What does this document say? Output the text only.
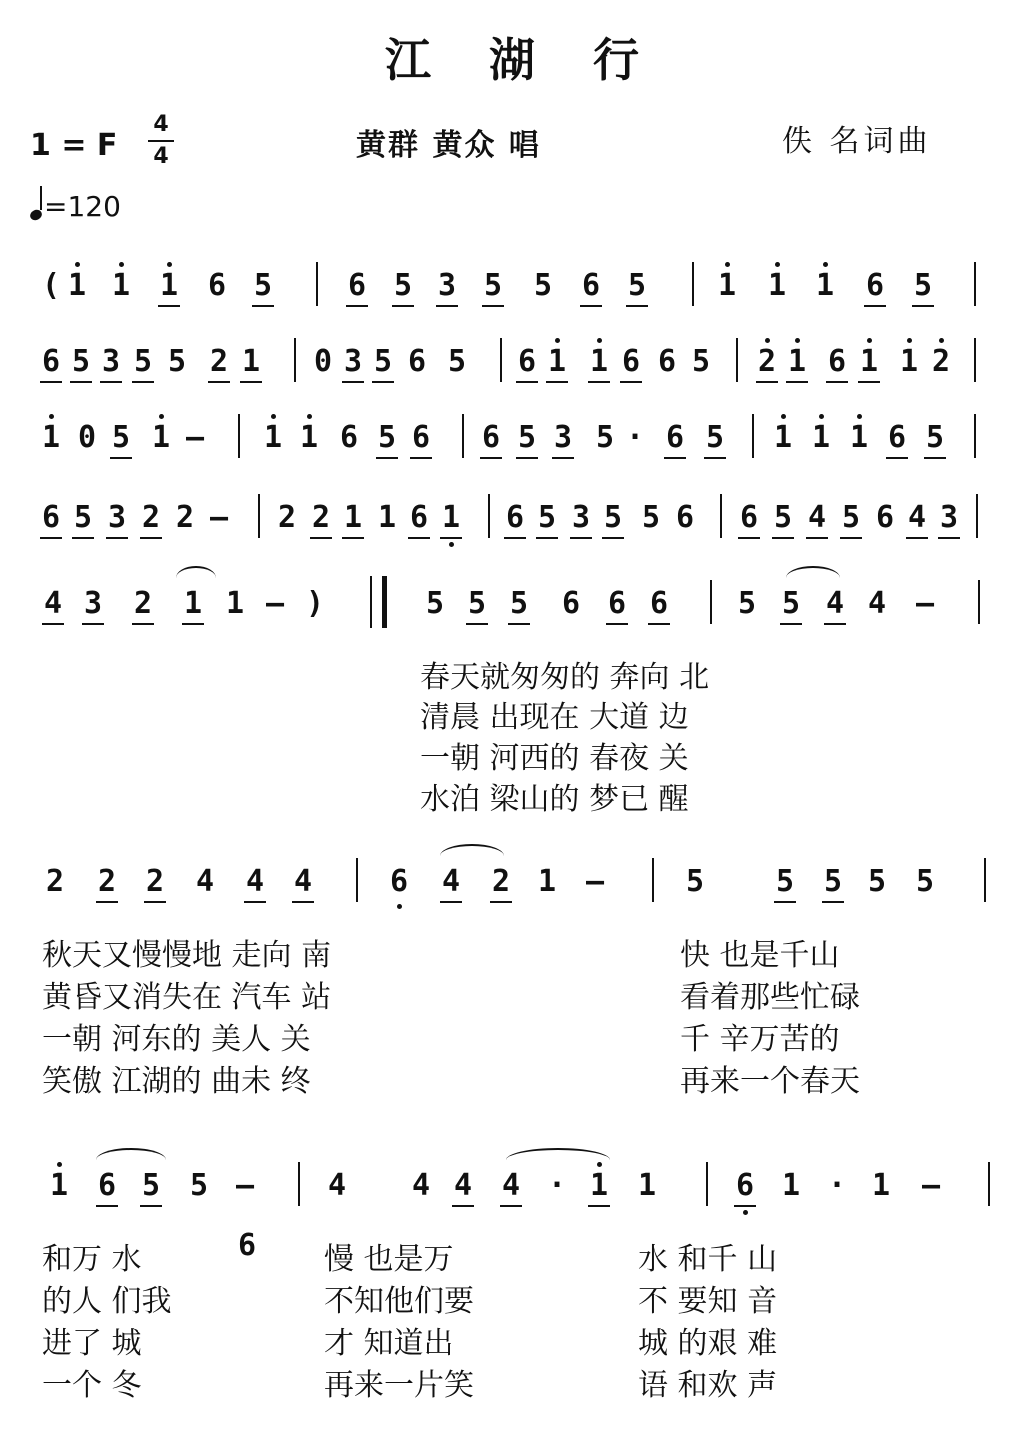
江湖行
1 = F
4
4	黄群 黄众 唱	佚 名词曲
=120
( 1 1 1 6 5	6 5 3 5 5 6 5 1 1 1 6 5
6 5 3 5 5 2 1 0 3 5 6 5 6 1 1 6 6 5 2 1 6 1 1 2
1 0 5 1 – 1 1 6 5 6 6 5 3 5 · 6 5 1 1 1 6 5
6 5 3 2 2 – 2 2 1 1 6 1 6 5 3 5 5 6 6 5 4 5 6 4 3
4 3 2 1 1 – )	5 5 5 6 6 6 5 5 4 4 –
2 2 2 4 4 4	6 4 2 1 –	5 5 5 5 5
1 6 5 5 – 4 4 4 4 · 1 1	6 1 · 1 –
春天就匆匆的 奔向 北
清晨 出现在 大道 边
一朝 河西的 春夜 关
水泊 梁山的 梦已 醒
秋天又慢慢地 走向 南
黄昏又消失在 汽车 站
一朝 河东的 美人 关
笑傲 江湖的 曲未 终
快 也是千山
看着那些忙碌
千 辛万苦的
再来一个春天
和万 水
的人 们我
进了 城
一个 冬
6 慢 也是万
不知他们要
才 知道出
再来一片笑
水 和千 山
不 要知 音
城 的艰 难
语 和欢 声
